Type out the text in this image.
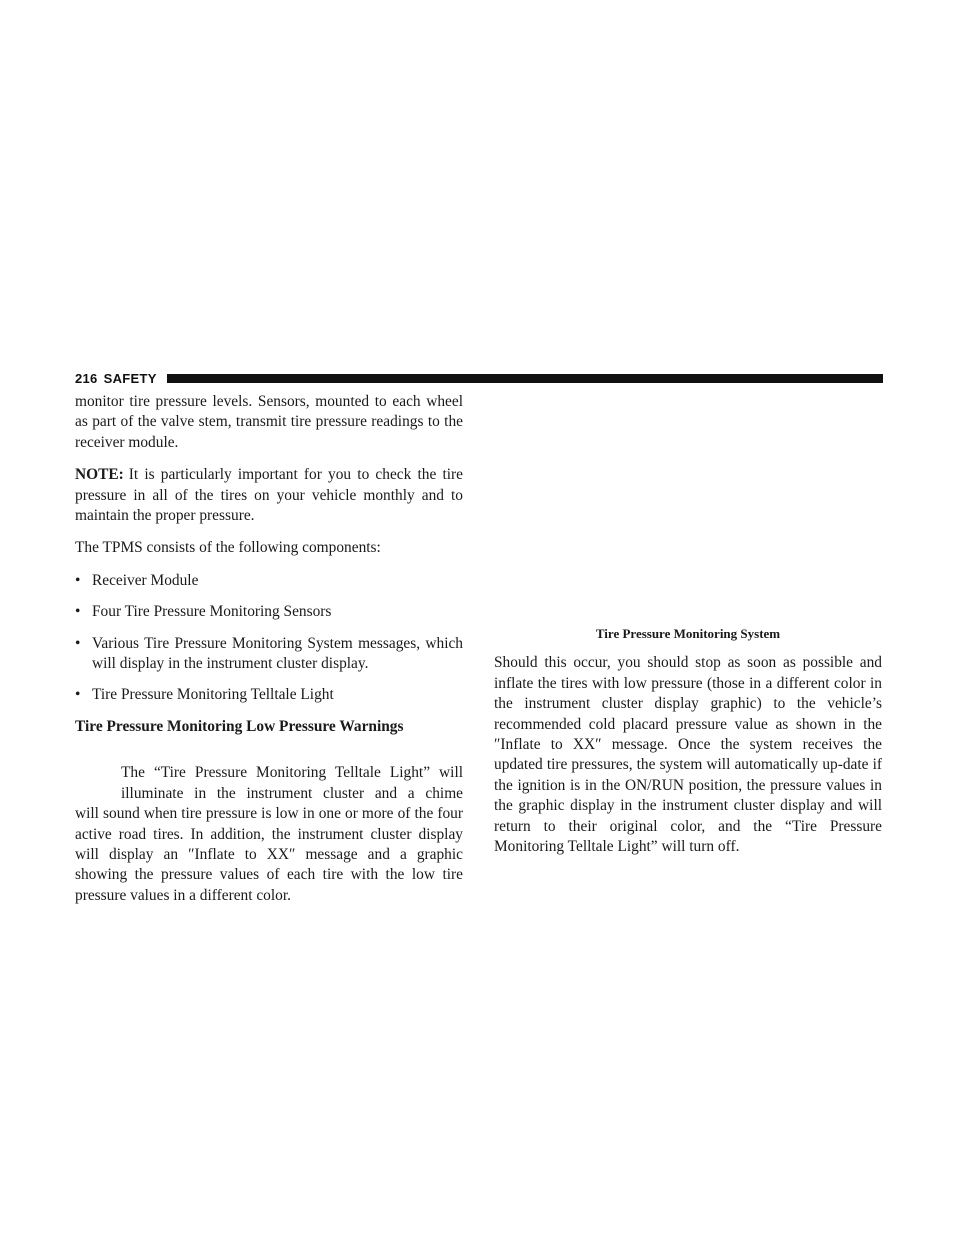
216 SAFETY

monitor tire pressure levels. Sensors, mounted to each wheel as part of the valve stem, transmit tire pressure readings to the receiver module.

NOTE: It is particularly important for you to check the tire pressure in all of the tires on your vehicle monthly and to maintain the proper pressure.

The TPMS consists of the following components:

• Receiver Module
• Four Tire Pressure Monitoring Sensors
• Various Tire Pressure Monitoring System messages, which will display in the instrument cluster display.
• Tire Pressure Monitoring Telltale Light

Tire Pressure Monitoring Low Pressure Warnings

The “Tire Pressure Monitoring Telltale Light” will
illuminate in the instrument cluster and a chime
will sound when tire pressure is low in one or more of the four active road tires. In addition, the instrument cluster display will display an ″Inflate to XX″ message and a graphic showing the pressure values of each tire with the low tire pressure values in a different color.

Tire Pressure Monitoring System

Should this occur, you should stop as soon as possible and inflate the tires with low pressure (those in a different color in the instrument cluster display graphic) to the vehicle’s recommended cold placard pressure value as shown in the ″Inflate to XX″ message. Once the system receives the updated tire pressures, the system will automatically up-date if the ignition is in the ON/RUN position, the pressure values in the graphic display in the instrument cluster display and will return to their original color, and the “Tire Pressure Monitoring Telltale Light” will turn off.
